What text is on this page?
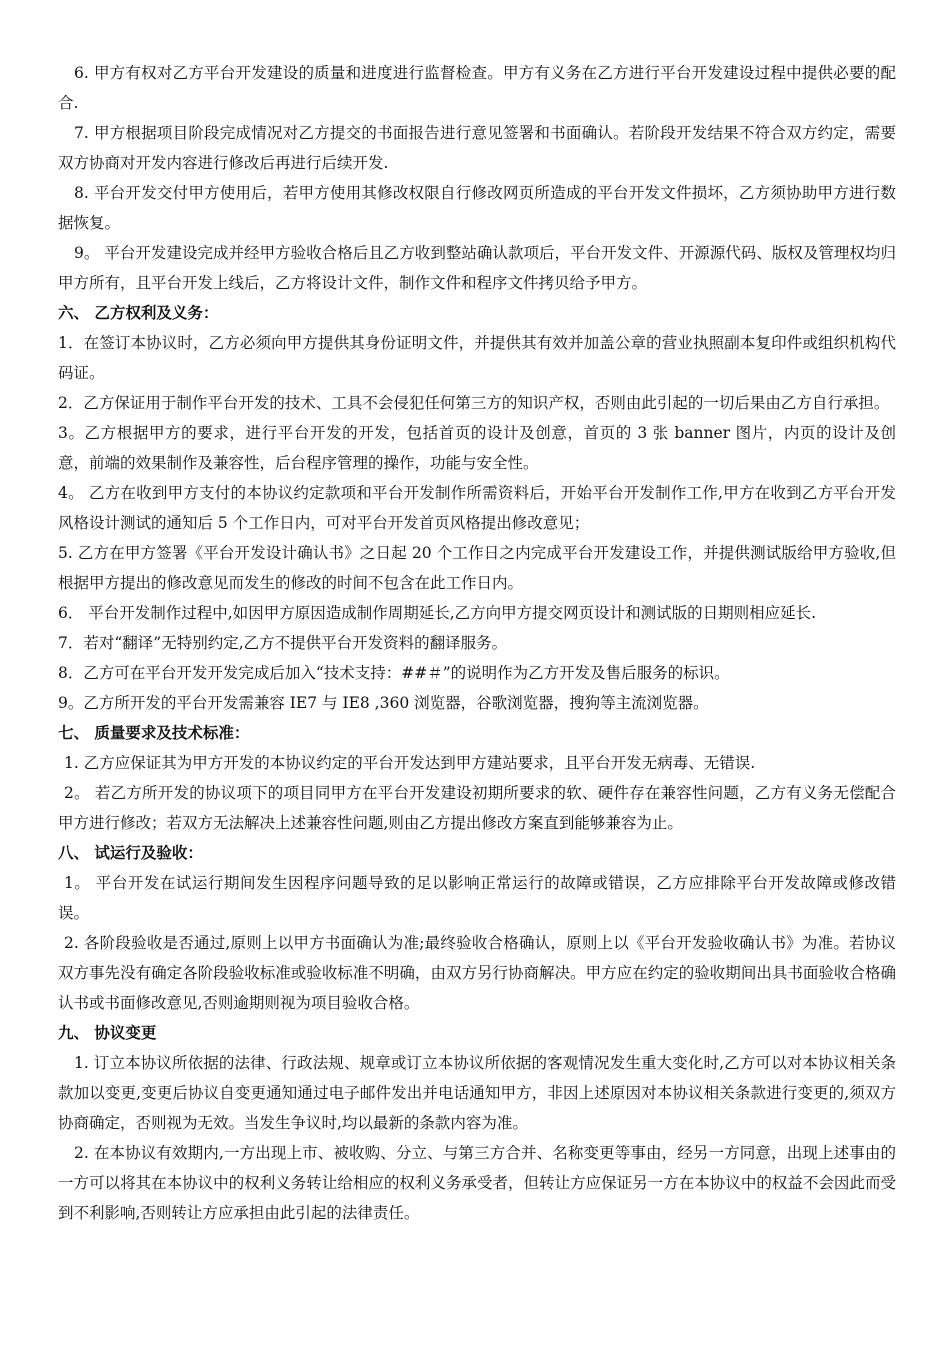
6. 甲方有权对乙方平台开发建设的质量和进度进行监督检查。甲方有义务在乙方进行平台开发建设过程中提供必要的配合.

7. 甲方根据项目阶段完成情况对乙方提交的书面报告进行意见签署和书面确认。若阶段开发结果不符合双方约定，需要双方协商对开发内容进行修改后再进行后续开发.

8. 平台开发交付甲方使用后，若甲方使用其修改权限自行修改网页所造成的平台开发文件损坏，乙方须协助甲方进行数据恢复。

9。 平台开发建设完成并经甲方验收合格后且乙方收到整站确认款项后，平台开发文件、开源源代码、版权及管理权均归甲方所有，且平台开发上线后，乙方将设计文件，制作文件和程序文件拷贝给予甲方。

六、 乙方权利及义务：

1．在签订本协议时，乙方必须向甲方提供其身份证明文件，并提供其有效并加盖公章的营业执照副本复印件或组织机构代码证。

2．乙方保证用于制作平台开发的技术、工具不会侵犯任何第三方的知识产权，否则由此引起的一切后果由乙方自行承担。

3。乙方根据甲方的要求，进行平台开发的开发，包括首页的设计及创意，首页的 3 张 banner 图片，内页的设计及创意，前端的效果制作及兼容性，后台程序管理的操作，功能与安全性。

4。 乙方在收到甲方支付的本协议约定款项和平台开发制作所需资料后，开始平台开发制作工作,甲方在收到乙方平台开发风格设计测试的通知后 5 个工作日内，可对平台开发首页风格提出修改意见；

5. 乙方在甲方签署《平台开发设计确认书》之日起 20 个工作日之内完成平台开发建设工作，并提供测试版给甲方验收,但根据甲方提出的修改意见而发生的修改的时间不包含在此工作日内。

6． 平台开发制作过程中,如因甲方原因造成制作周期延长,乙方向甲方提交网页设计和测试版的日期则相应延长.

7．若对“翻译”无特别约定,乙方不提供平台开发资料的翻译服务。

8．乙方可在平台开发开发完成后加入“技术支持：##＃”的说明作为乙方开发及售后服务的标识。

9。乙方所开发的平台开发需兼容 IE7 与 IE8 ,360 浏览器，谷歌浏览器，搜狗等主流浏览器。

七、 质量要求及技术标准：

1. 乙方应保证其为甲方开发的本协议约定的平台开发达到甲方建站要求，且平台开发无病毒、无错误.

2。 若乙方所开发的协议项下的项目同甲方在平台开发建设初期所要求的软、硬件存在兼容性问题，乙方有义务无偿配合甲方进行修改；若双方无法解决上述兼容性问题,则由乙方提出修改方案直到能够兼容为止。

八、 试运行及验收：

1。 平台开发在试运行期间发生因程序问题导致的足以影响正常运行的故障或错误，乙方应排除平台开发故障或修改错误。

2. 各阶段验收是否通过,原则上以甲方书面确认为准;最终验收合格确认，原则上以《平台开发验收确认书》为准。若协议双方事先没有确定各阶段验收标准或验收标准不明确，由双方另行协商解决。甲方应在约定的验收期间出具书面验收合格确认书或书面修改意见,否则逾期则视为项目验收合格。

九、 协议变更

1. 订立本协议所依据的法律、行政法规、规章或订立本协议所依据的客观情况发生重大变化时,乙方可以对本协议相关条款加以变更,变更后协议自变更通知通过电子邮件发出并电话通知甲方，非因上述原因对本协议相关条款进行变更的,须双方协商确定，否则视为无效。当发生争议时,均以最新的条款内容为准。

2. 在本协议有效期内,一方出现上市、被收购、分立、与第三方合并、名称变更等事由，经另一方同意，出现上述事由的一方可以将其在本协议中的权利义务转让给相应的权利义务承受者，但转让方应保证另一方在本协议中的权益不会因此而受到不利影响,否则转让方应承担由此引起的法律责任。
